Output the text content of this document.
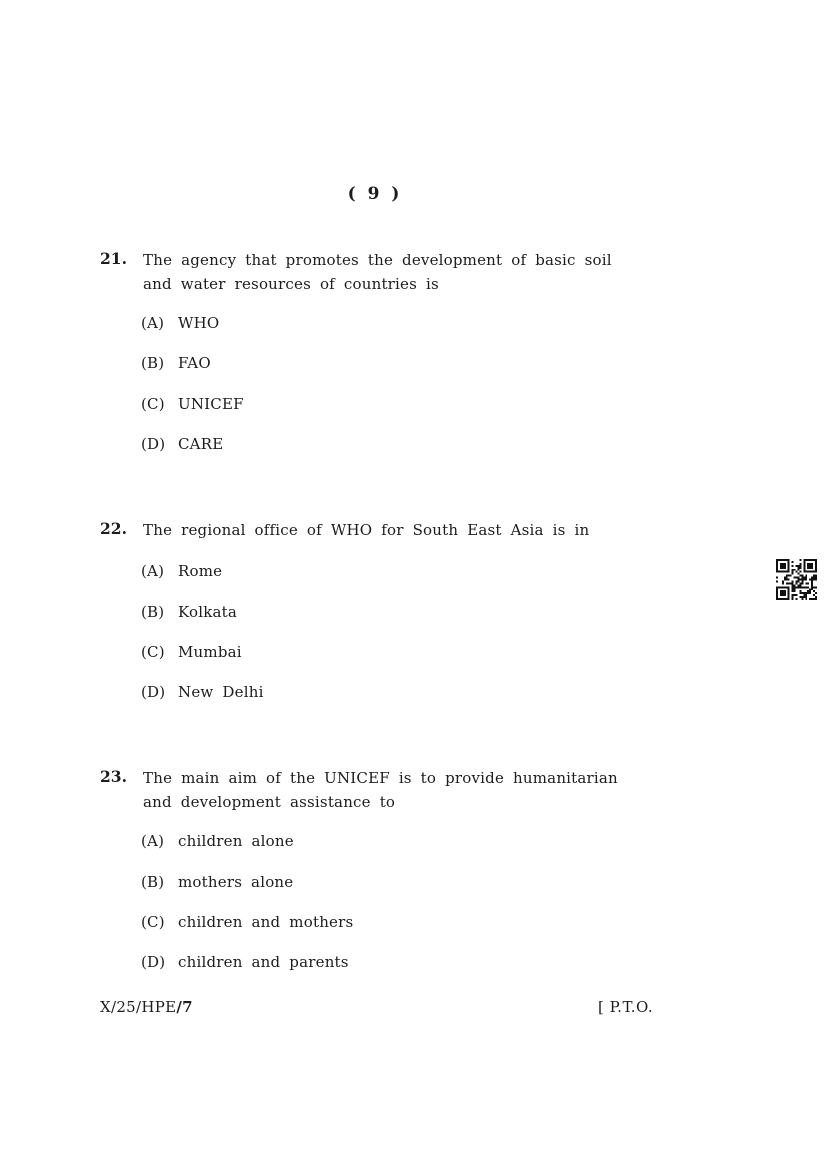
( 9 )
21. The agency that promotes the development of basic soil
and water resources of countries is
(A) WHO
(B) FAO
(C) UNICEF
(D) CARE
22. The regional office of WHO for South East Asia is in
(A) Rome
(B) Kolkata
(C) Mumbai
(D) New Delhi
23. The main aim of the UNICEF is to provide humanitarian
and development assistance to
(A) children alone
(B) mothers alone
(C) children and mothers
(D) children and parents
X/25/HPE/7	[ P.T.O.
